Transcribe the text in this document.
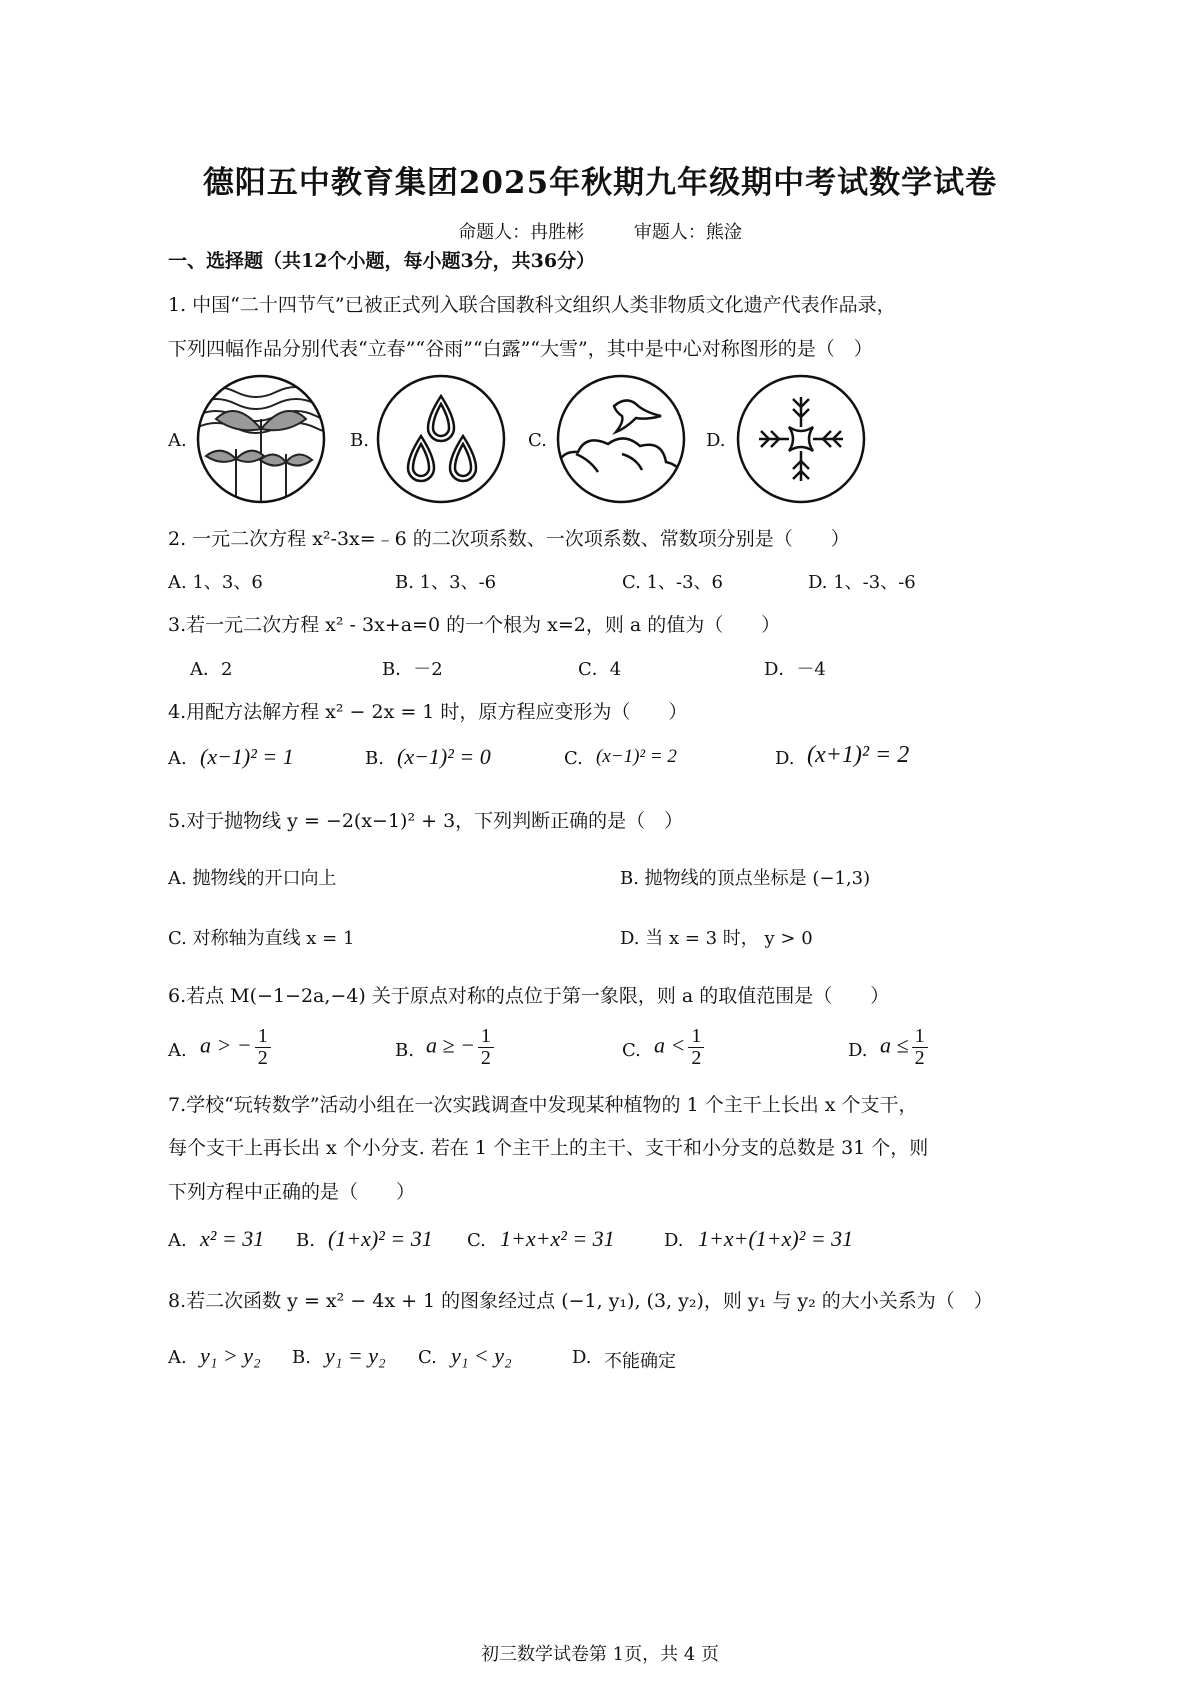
德阳五中教育集团2025年秋期九年级期中考试数学试卷
命题人：冉胜彬	审题人：熊淦
一、选择题（共12个小题，每小题3分，共36分）
1. 中国“二十四节气”已被正式列入联合国教科文组织人类非物质文化遗产代表作品录，
下列四幅作品分别代表“立春”“谷雨”“白露”“大雪”，其中是中心对称图形的是（　）
A.	B.	C.	D.
2. 一元二次方程 x²-3x=﹣6 的二次项系数、一次项系数、常数项分别是（　　）
A. 1、3、6	B. 1、3、-6	C. 1、-3、6	D. 1、-3、-6
3.若一元二次方程 x² - 3x+a=0 的一个根为 x=2，则 a 的值为（　　）
A．2	B．－2	C．4	D．－4
4.用配方法解方程 x² − 2x = 1 时，原方程应变形为（　　）
A. (x−1)² = 1	B. (x−1)² = 0	C. (x−1)² = 2	D. (x+1)² = 2
5.对于抛物线 y = −2(x−1)² + 3，下列判断正确的是（　）
A. 抛物线的开口向上	B. 抛物线的顶点坐标是 (−1,3)
C. 对称轴为直线 x = 1	D. 当 x = 3 时， y > 0
6.若点 M(−1−2a,−4) 关于原点对称的点位于第一象限，则 a 的取值范围是（　　）
A. a > − $\frac{1}{2}$	B. a ≥ − $\frac{1}{2}$	C. $a < \frac{1}{2}$	D. $a \le \frac{1}{2}$
7.学校“玩转数学”活动小组在一次实践调查中发现某种植物的 1 个主干上长出 x 个支干，
每个支干上再长出 x 个小分支. 若在 1 个主干上的主干、支干和小分支的总数是 31 个，则
下列方程中正确的是（　　）
A. x² = 31 B. (1+x)² = 31 C. 1+x+x² = 31	D. 1+x+(1+x)² = 31
8.若二次函数 y = x² − 4x + 1 的图象经过点 (−1, y₁), (3, y₂)，则 y₁ 与 y₂ 的大小关系为（　）
A. y₁ > y₂ B. y₁ = y₂ C. y₁ < y₂	D. 不能确定
初三数学试卷第 1页，共 4 页
